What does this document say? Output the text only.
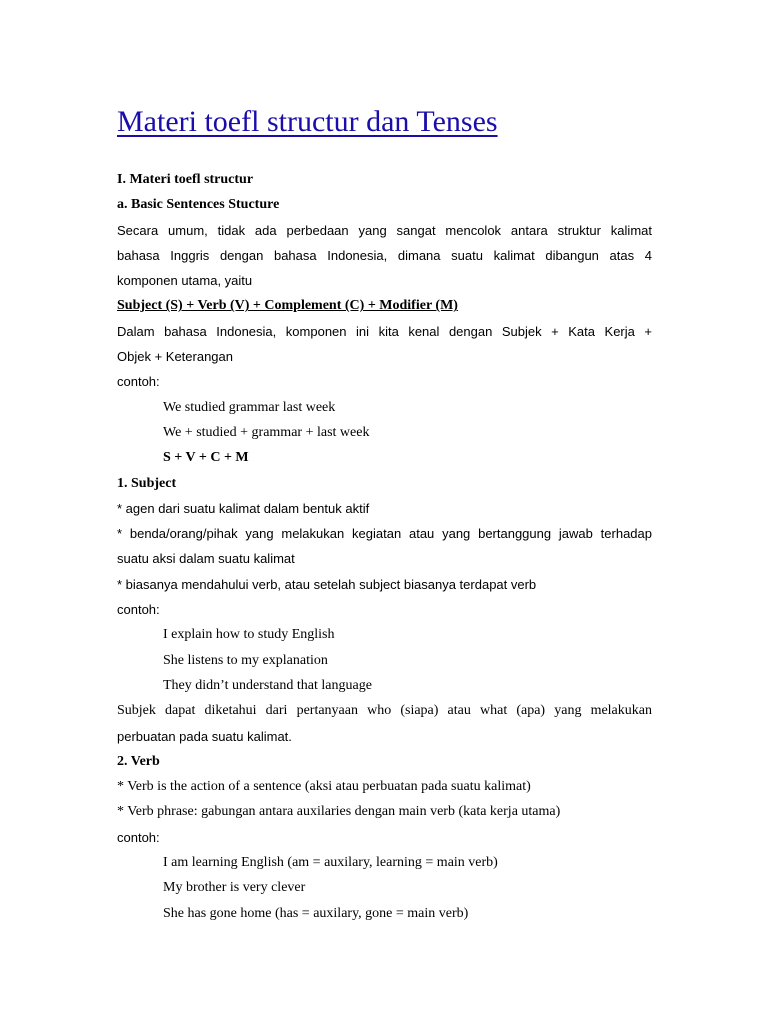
Materi toefl structur dan Tenses
I. Materi toefl structur
a. Basic Sentences Stucture
Secara umum, tidak ada perbedaan yang sangat mencolok antara struktur kalimat
bahasa Inggris dengan bahasa Indonesia, dimana suatu kalimat dibangun atas 4
komponen utama, yaitu
Subject (S) + Verb (V) + Complement (C) + Modifier (M)
Dalam bahasa Indonesia, komponen ini kita kenal dengan Subjek + Kata Kerja +
Objek + Keterangan
contoh:
We studied grammar last week
We + studied + grammar + last week
S + V + C + M
1. Subject
* agen dari suatu kalimat dalam bentuk aktif
* benda/orang/pihak yang melakukan kegiatan atau yang bertanggung jawab terhadap
suatu aksi dalam suatu kalimat
* biasanya mendahului verb, atau setelah subject biasanya terdapat verb
contoh:
I explain how to study English
She listens to my explanation
They didn’t understand that language
Subjek dapat diketahui dari pertanyaan who (siapa) atau what (apa) yang melakukan
perbuatan pada suatu kalimat.
2. Verb
* Verb is the action of a sentence (aksi atau perbuatan pada suatu kalimat)
* Verb phrase: gabungan antara auxilaries dengan main verb (kata kerja utama)
contoh:
I am learning English (am = auxilary, learning = main verb)
My brother is very clever
She has gone home (has = auxilary, gone = main verb)
